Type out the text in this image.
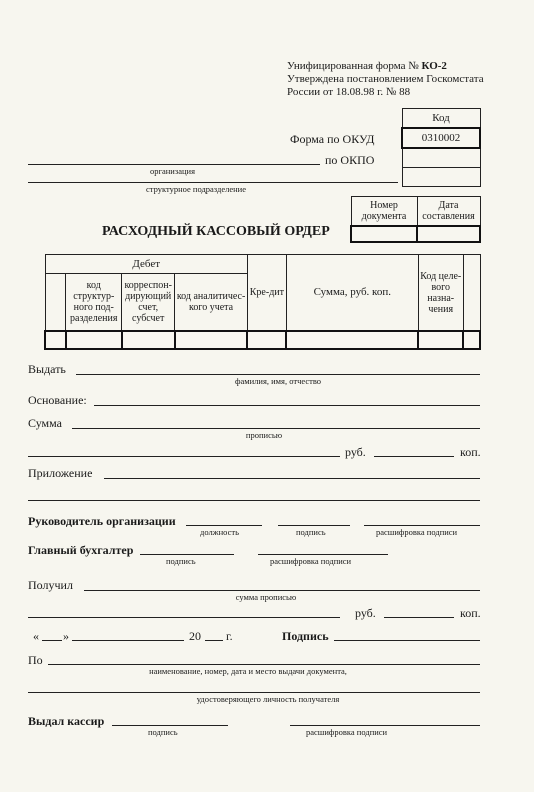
Унифицированная форма № КО-2
Утверждена постановлением Госкомстата
России от 18.08.98 г. № 88
Код
0310002

Форма по ОКУД
по ОКПО
организация
структурное подразделение
Номер документа	Дата составления

РАСХОДНЫЙ КАССОВЫЙ ОРДЕР
Дебет				Кре-дит	Сумма, руб. коп.	Код целе-вого назна-чения	
	код структур-ного под-разделения	корреспон-дирующий счет, субсчет	код аналитичес-кого учета				

Выдать
фамилия, имя, отчество
Основание:
Сумма
прописью
руб.	коп.
Приложение
Руководитель организации
должность	подпись	расшифровка подписи
Главный бухгалтер
подпись	расшифровка подписи
Получил
сумма прописью
руб.	коп.
« »	20 г.	Подпись
По
наименование, номер, дата и место выдачи документа,
удостоверяющего личность получателя
Выдал кассир
подпись	расшифровка подписи
